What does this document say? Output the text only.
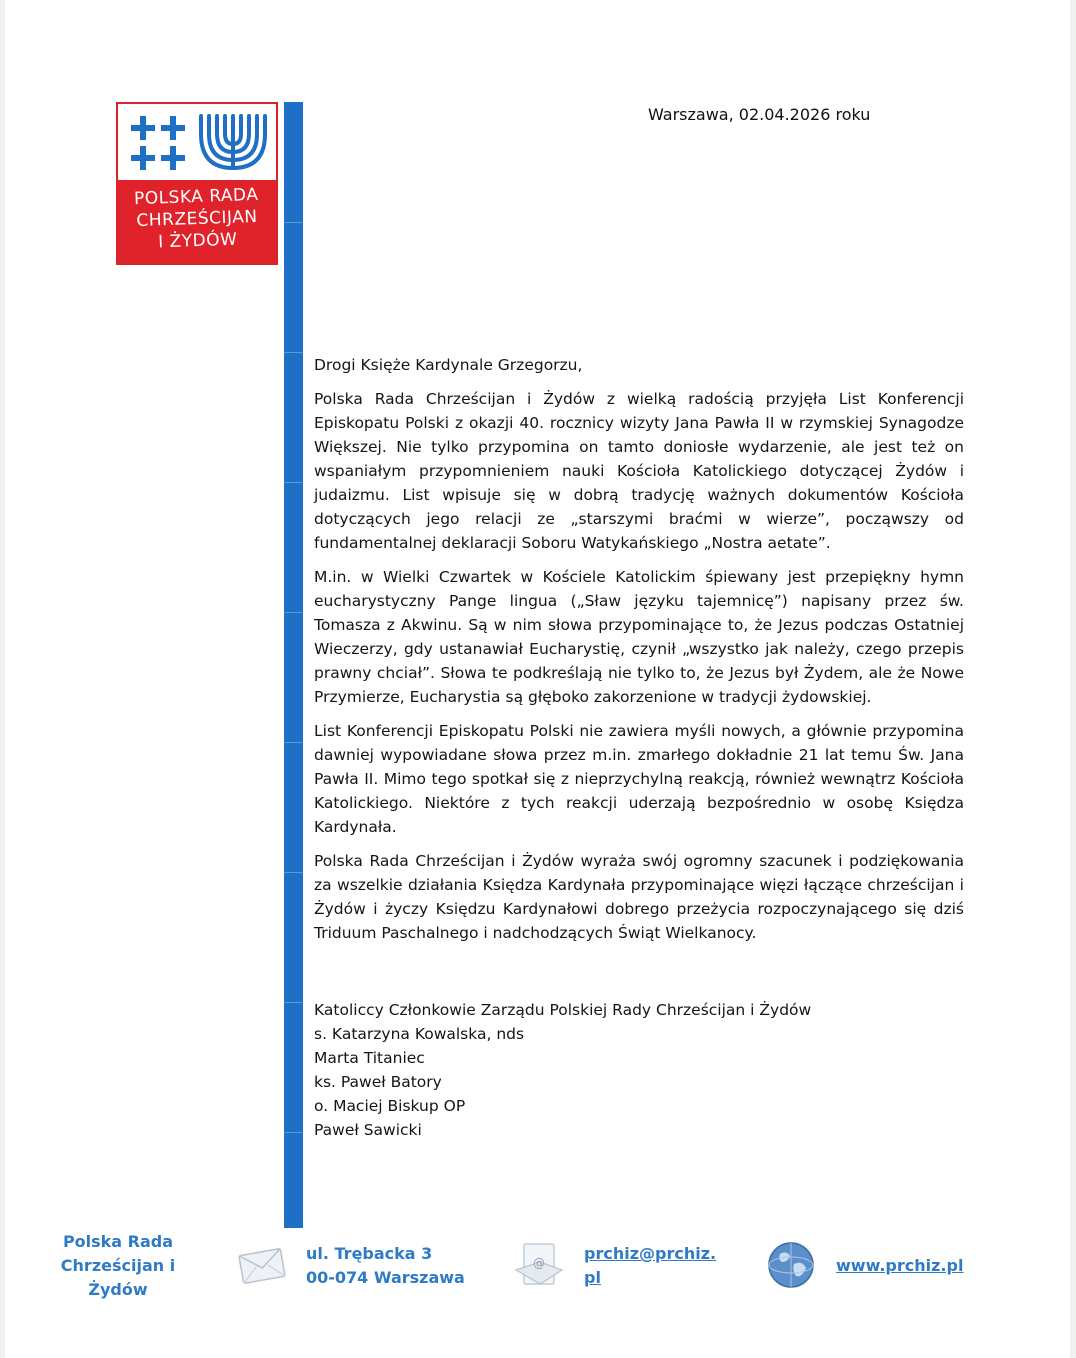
POLSKA RADA
CHRZEŚCIJAN
I ŻYDÓW
Warszawa, 02.04.2026 roku

Drogi Księże Kardynale Grzegorzu,

Polska Rada Chrześcijan i Żydów z wielką radością przyjęła List Konferencji Episkopatu Polski z okazji 40. rocznicy wizyty Jana Pawła II w rzymskiej Synagodze Większej. Nie tylko przypomina on tamto doniosłe wydarzenie, ale jest też on wspaniałym przypomnieniem nauki Kościoła Katolickiego dotyczącej Żydów i judaizmu. List wpisuje się w dobrą tradycję ważnych dokumentów Kościoła dotyczących jego relacji ze „starszymi braćmi w wierze”, począwszy od fundamentalnej deklaracji Soboru Watykańskiego „Nostra aetate”.

M.in. w Wielki Czwartek w Kościele Katolickim śpiewany jest przepiękny hymn eucharystyczny Pange lingua („Sław języku tajemnicę”) napisany przez św. Tomasza z Akwinu. Są w nim słowa przypominające to, że Jezus podczas Ostatniej Wieczerzy, gdy ustanawiał Eucharystię, czynił „wszystko jak należy, czego przepis prawny chciał”. Słowa te podkreślają nie tylko to, że Jezus był Żydem, ale że Nowe Przymierze, Eucharystia są głęboko zakorzenione w tradycji żydowskiej.

List Konferencji Episkopatu Polski nie zawiera myśli nowych, a głównie przypomina dawniej wypowiadane słowa przez m.in. zmarłego dokładnie 21 lat temu Św. Jana Pawła II. Mimo tego spotkał się z nieprzychylną reakcją, również wewnątrz Kościoła Katolickiego. Niektóre z tych reakcji uderzają bezpośrednio w osobę Księdza Kardynała.

Polska Rada Chrześcijan i Żydów wyraża swój ogromny szacunek i podziękowania za wszelkie działania Księdza Kardynała przypominające więzi łączące chrześcijan i Żydów i życzy Księdzu Kardynałowi dobrego przeżycia rozpoczynającego się dziś Triduum Paschalnego i nadchodzących Świąt Wielkanocy.

Katoliccy Członkowie Zarządu Polskiej Rady Chrześcijan i Żydów
s. Katarzyna Kowalska, nds
Marta Titaniec
ks. Paweł Batory
o. Maciej Biskup OP
Paweł Sawicki
Polska Rada
Chrześcijan i
Żydów
ul. Trębacka 3
00-074 Warszawa
@ prchiz@prchiz.pl
www.prchiz.pl
